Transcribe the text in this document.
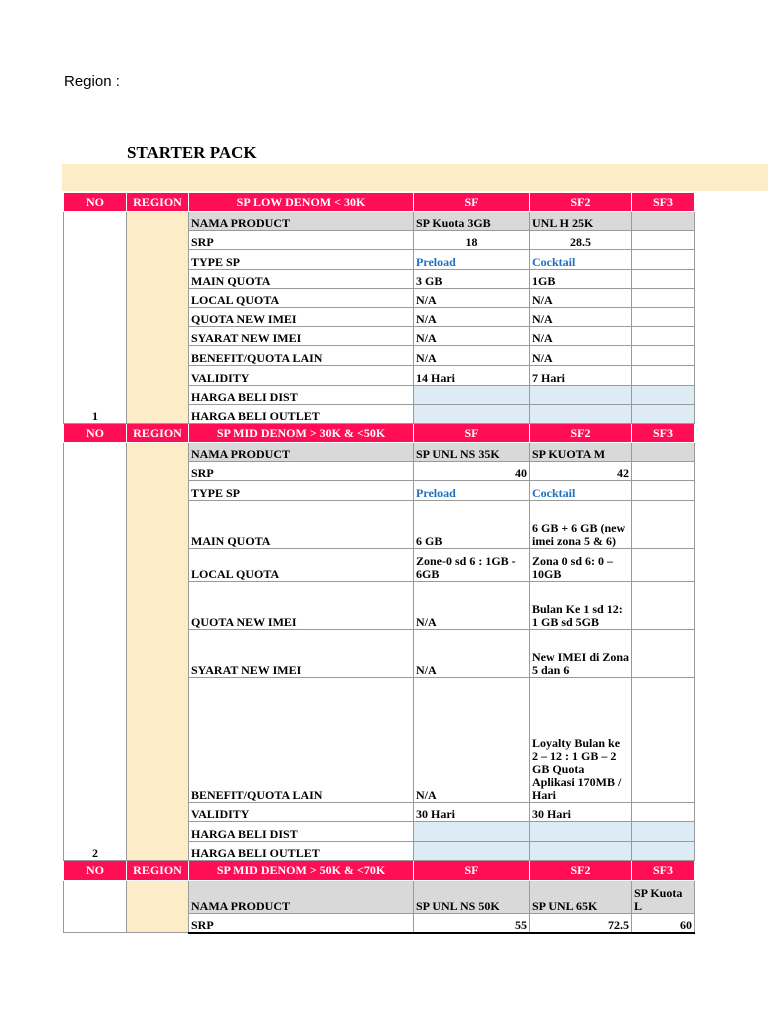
Region :
STARTER PACK
NO	REGION	SP LOW DENOM < 30K	SF	SF2	SF3
1		NAMA PRODUCT	SP Kuota 3GB	UNL H 25K	
		SRP	18	28.5	
		TYPE SP	Preload	Cocktail	
		MAIN QUOTA	3 GB	1GB	
		LOCAL QUOTA	N/A	N/A	
		QUOTA NEW IMEI	N/A	N/A	
		SYARAT NEW IMEI	N/A	N/A	
		BENEFIT/QUOTA LAIN	N/A	N/A	
		VALIDITY	14 Hari	7 Hari	
		HARGA BELI DIST			
		HARGA BELI OUTLET			
NO	REGION	SP MID DENOM > 30K & <50K	SF	SF2	SF3
2		NAMA PRODUCT	SP UNL NS 35K	SP KUOTA M	
		SRP	40	42	
		TYPE SP	Preload	Cocktail	
		MAIN QUOTA	6 GB	6 GB + 6 GB (new imei zona 5 & 6)	
		LOCAL QUOTA	Zone-0 sd 6 : 1GB - 6GB	Zona 0 sd 6: 0 – 10GB	
		QUOTA NEW IMEI	N/A	Bulan Ke 1 sd 12: 1 GB sd 5GB	
		SYARAT NEW IMEI	N/A	New IMEI di Zona 5 dan 6	
		BENEFIT/QUOTA LAIN	N/A	Loyalty Bulan ke 2 – 12 : 1 GB – 2 GB Quota Aplikasi 170MB / Hari	
		VALIDITY	30 Hari	30 Hari	
		HARGA BELI DIST			
		HARGA BELI OUTLET			
NO	REGION	SP MID DENOM > 50K & <70K	SF	SF2	SF3
		NAMA PRODUCT	SP UNL NS 50K	SP UNL 65K	SP Kuota L
		SRP	55	72.5	60
